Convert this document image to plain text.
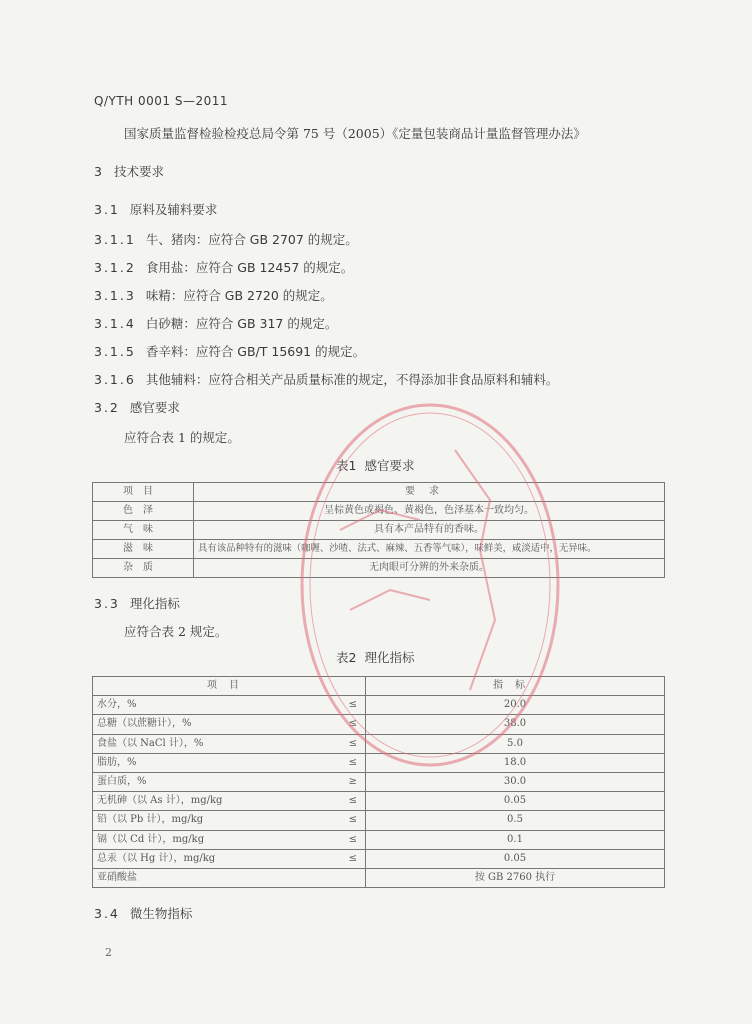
Q/YTH 0001 S—2011
国家质量监督检验检疫总局令第 75 号（2005）《定量包装商品计量监督管理办法》
3 技术要求
3.1 原料及辅料要求
3.1.1 牛、猪肉：应符合 GB 2707 的规定。
3.1.2 食用盐：应符合 GB 12457 的规定。
3.1.3 味精：应符合 GB 2720 的规定。
3.1.4 白砂糖：应符合 GB 317 的规定。
3.1.5 香辛料：应符合 GB/T 15691 的规定。
3.1.6 其他辅料：应符合相关产品质量标准的规定，不得添加非食品原料和辅料。
3.2 感官要求
应符合表 1 的规定。
表1 感官要求
项目	要求
色泽	呈棕黄色或褐色、黄褐色，色泽基本一致均匀。
气味	具有本产品特有的香味。
滋味	具有该品种特有的滋味（咖喱、沙喳、法式、麻辣、五香等气味），味鲜美，咸淡适中，无异味。
杂质	无肉眼可分辨的外来杂质。
3.3 理化指标
应符合表 2 规定。
表2 理化指标
项目		指标
水分，%	≤	20.0
总糖（以蔗糖计），%	≤	38.0
食盐（以 NaCl 计），%	≤	5.0
脂肪，%	≤	18.0
蛋白质，%	≥	30.0
无机砷（以 As 计），mg/kg	≤	0.05
铅（以 Pb 计），mg/kg	≤	0.5
镉（以 Cd 计），mg/kg	≤	0.1
总汞（以 Hg 计），mg/kg	≤	0.05
亚硝酸盐		按 GB 2760 执行
3.4 微生物指标
2
